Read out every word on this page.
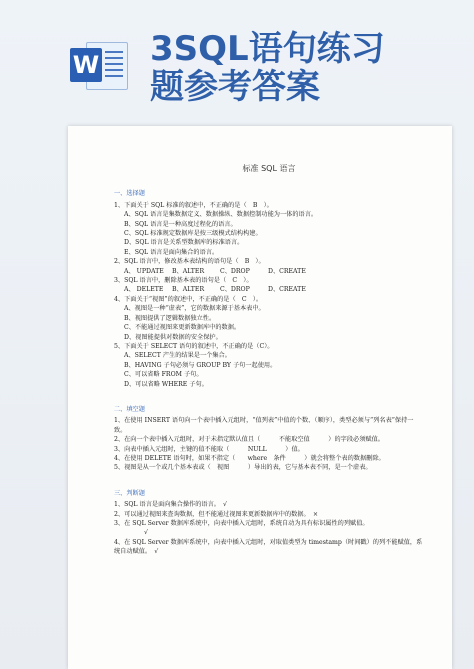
W 3SQL语句练习
题参考答案
标准 SQL 语言
一、选择题
1、下面关于 SQL 标准的叙述中，不正确的是（　B　）。
A、SQL 语言是集数据定义、数据操纵、数据控制功能为一体的语言。
B、SQL 语言是一种高度过程化的语言。
C、SQL 标准规定数据库是按三级模式结构构建。
D、SQL 语言是关系型数据库的标准语言。
E、SQL 语言是面向集合的语言。
2、SQL 语言中，修改基本表结构的语句是（　B　）。
A、 UPDATE	B、ALTER	C、DROP	D、CREATE
3、SQL 语言中，删除基本表的语句是（　C　）。
A、 DELETE	B、ALTER	C、DROP	D、CREATE
4、下面关于“视图”的叙述中，不正确的是（　C　）。
A、视图是一种“虚表”，它的数据来源于基本表中。
B、视图提供了逻辑数据独立性。
C、不能通过视图来更新数据库中的数据。
D、视图能提供对数据的安全保护。
5、下面关于 SELECT 语句的叙述中，不正确的是（C）。
A、SELECT 产生的结果是一个集合。
B、HAVING 子句必须与 GROUP BY 子句一起使用。
C、可以省略 FROM 子句。
D、可以省略 WHERE 子句。
二、填空题
1、在使用 INSERT 语句向一个表中插入元组时，“值列表”中值的个数、（顺序），类型必须与“列名表”保持一致。
2、在向一个表中插入元组时，对于未指定默认值且（　　　不能取空值　　　）的字段必须赋值。
3、向表中插入元组时，主键的值不能取（　　　NULL　　　）值。
4、在使用 DELETE 语句时，如果不指定（　　where　条件　　　）就会将整个表的数据删除。
5、视图是从一个或几个基本表或（　视图　　　）导出的表，它与基本表不同，是一个虚表。
三、判断题
1、SQL 语言是面向集合操作的语言。　√
2、可以通过视图来查询数据，但不能通过视图来更新数据库中的数据。　×
3、在 SQL Server 数据库系统中，向表中插入元组时，系统自动为具有标识属性的列赋值。
√
4、在 SQL Server 数据库系统中，向表中插入元组时，对取值类型为 timestamp（时间戳）的列不能赋值，系统自动赋值。　√
